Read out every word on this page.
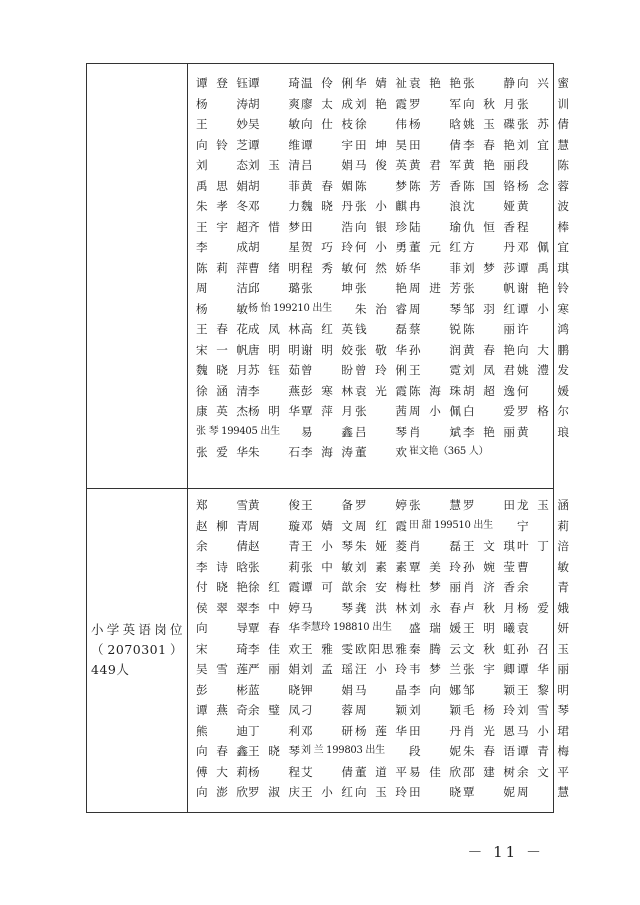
小学英语岗位（2070301）449人
谭登钰 谭 琦 温伶俐 华婧祉 袁艳艳 张 静 向兴蜜
杨 涛 胡 爽 廖太成 刘艳霞 罗 军 向秋月 张 训
王 妙 吴 敏 向仕枝 徐 伟 杨 晗 姚玉碟 张苏倩
向铃芝 谭 维 谭 宇 田坤昊 田 倩 李春艳 刘宜慧
刘 态 刘玉清 吕 娟 马俊英 黄君军 黄艳丽 段 陈
禹思娟 胡 菲 黄春媚 陈 梦 陈芳香 陈国铬 杨念蓉
朱孝冬 邓 力 魏晓丹 张小麒 冉 浪 沈 娅 黄 波
王宇超 齐惜梦 田 浩 向银珍 陆 瑜 仇恒香 程 棒
李 成 胡 星 贺巧玲 何小勇 董元红 方 丹 邓佩宜
陈莉萍 曹绪明 程秀敏 何然娇 华 菲 刘梦莎 谭禹琪
周 洁 邱 璐 张 坤 张 艳 周进芳 张 帆 谢艳铃
杨 敏 杨 怡 199210 出生 朱治睿 周 琴 邹羽红 谭小寒
王春花 成凤林 高红英 钱 磊 蔡 锐 陈 丽 许 鸿
宋一帆 唐明明 谢明姣 张敬华 孙 润 黄春艳 向大鹏
魏晓月 苏钰茹 曾 盼 曾玲俐 王 霓 刘凤君 姚澧发
徐涵清 李 燕 彭寒林 袁光霞 陈海珠 胡超逸 何 媛
康英杰 杨明华 覃萍月 张 茜 周小佩 白 爱 罗格尔
张 琴 199405 出生 易 鑫 吕 琴 肖 斌 李艳丽 黄 琅
张爱华 朱 石 李海涛 董 欢 崔文艳（365 人）
郑 雪 黄 俊 王 备 罗 婷 张 慧 罗 田 龙玉涵
赵柳青 周 璇 邓婧文 周红霞 田 甜 199510 出生 宁 莉
余 倩 赵 青 王小琴 朱娅菱 肖 磊 王文琪 叶丁涪
李诗晗 张 莉 张中敏 刘素素 覃美玲 孙婉莹 曹 敏
付晓艳 徐红霞 谭可歆 余安梅 杜梦丽 肖济香 余 青
侯翠翠 李中婷 马 琴 龚洪林 刘永春 卢秋月 杨爱娥
向 导 覃春华 李慧玲 198810 出生 盛瑞媛 王明曦 袁 妍
宋 琦 李佳欢 王雅雯 欧阳思雅 秦腾云 文秋虹 孙召玉
吴雪莲 严丽娟 刘孟瑶 汪小玲 韦梦兰 张宇卿 谭华丽
彭 彬 蓝 晓 钾 娟 马 晶 李向娜 邹 颖 王黎明
谭燕奇 余璧凤 刁 蓉 周 颖 刘 颖 毛杨玲 刘雪琴
熊 迪 丁 利 邓 研 杨莲华 田 丹 肖光恩 马小珺
向春鑫 王晓琴 刘 兰 199803 出生 段 妮 朱春语 谭青梅
傅大莉 杨 程 艾 倩 董道平 易佳欣 邵建树 余文平
向澎欣 罗淑庆 王小红 向玉玲 田 晓 覃 妮 周 慧
－ 11 －
